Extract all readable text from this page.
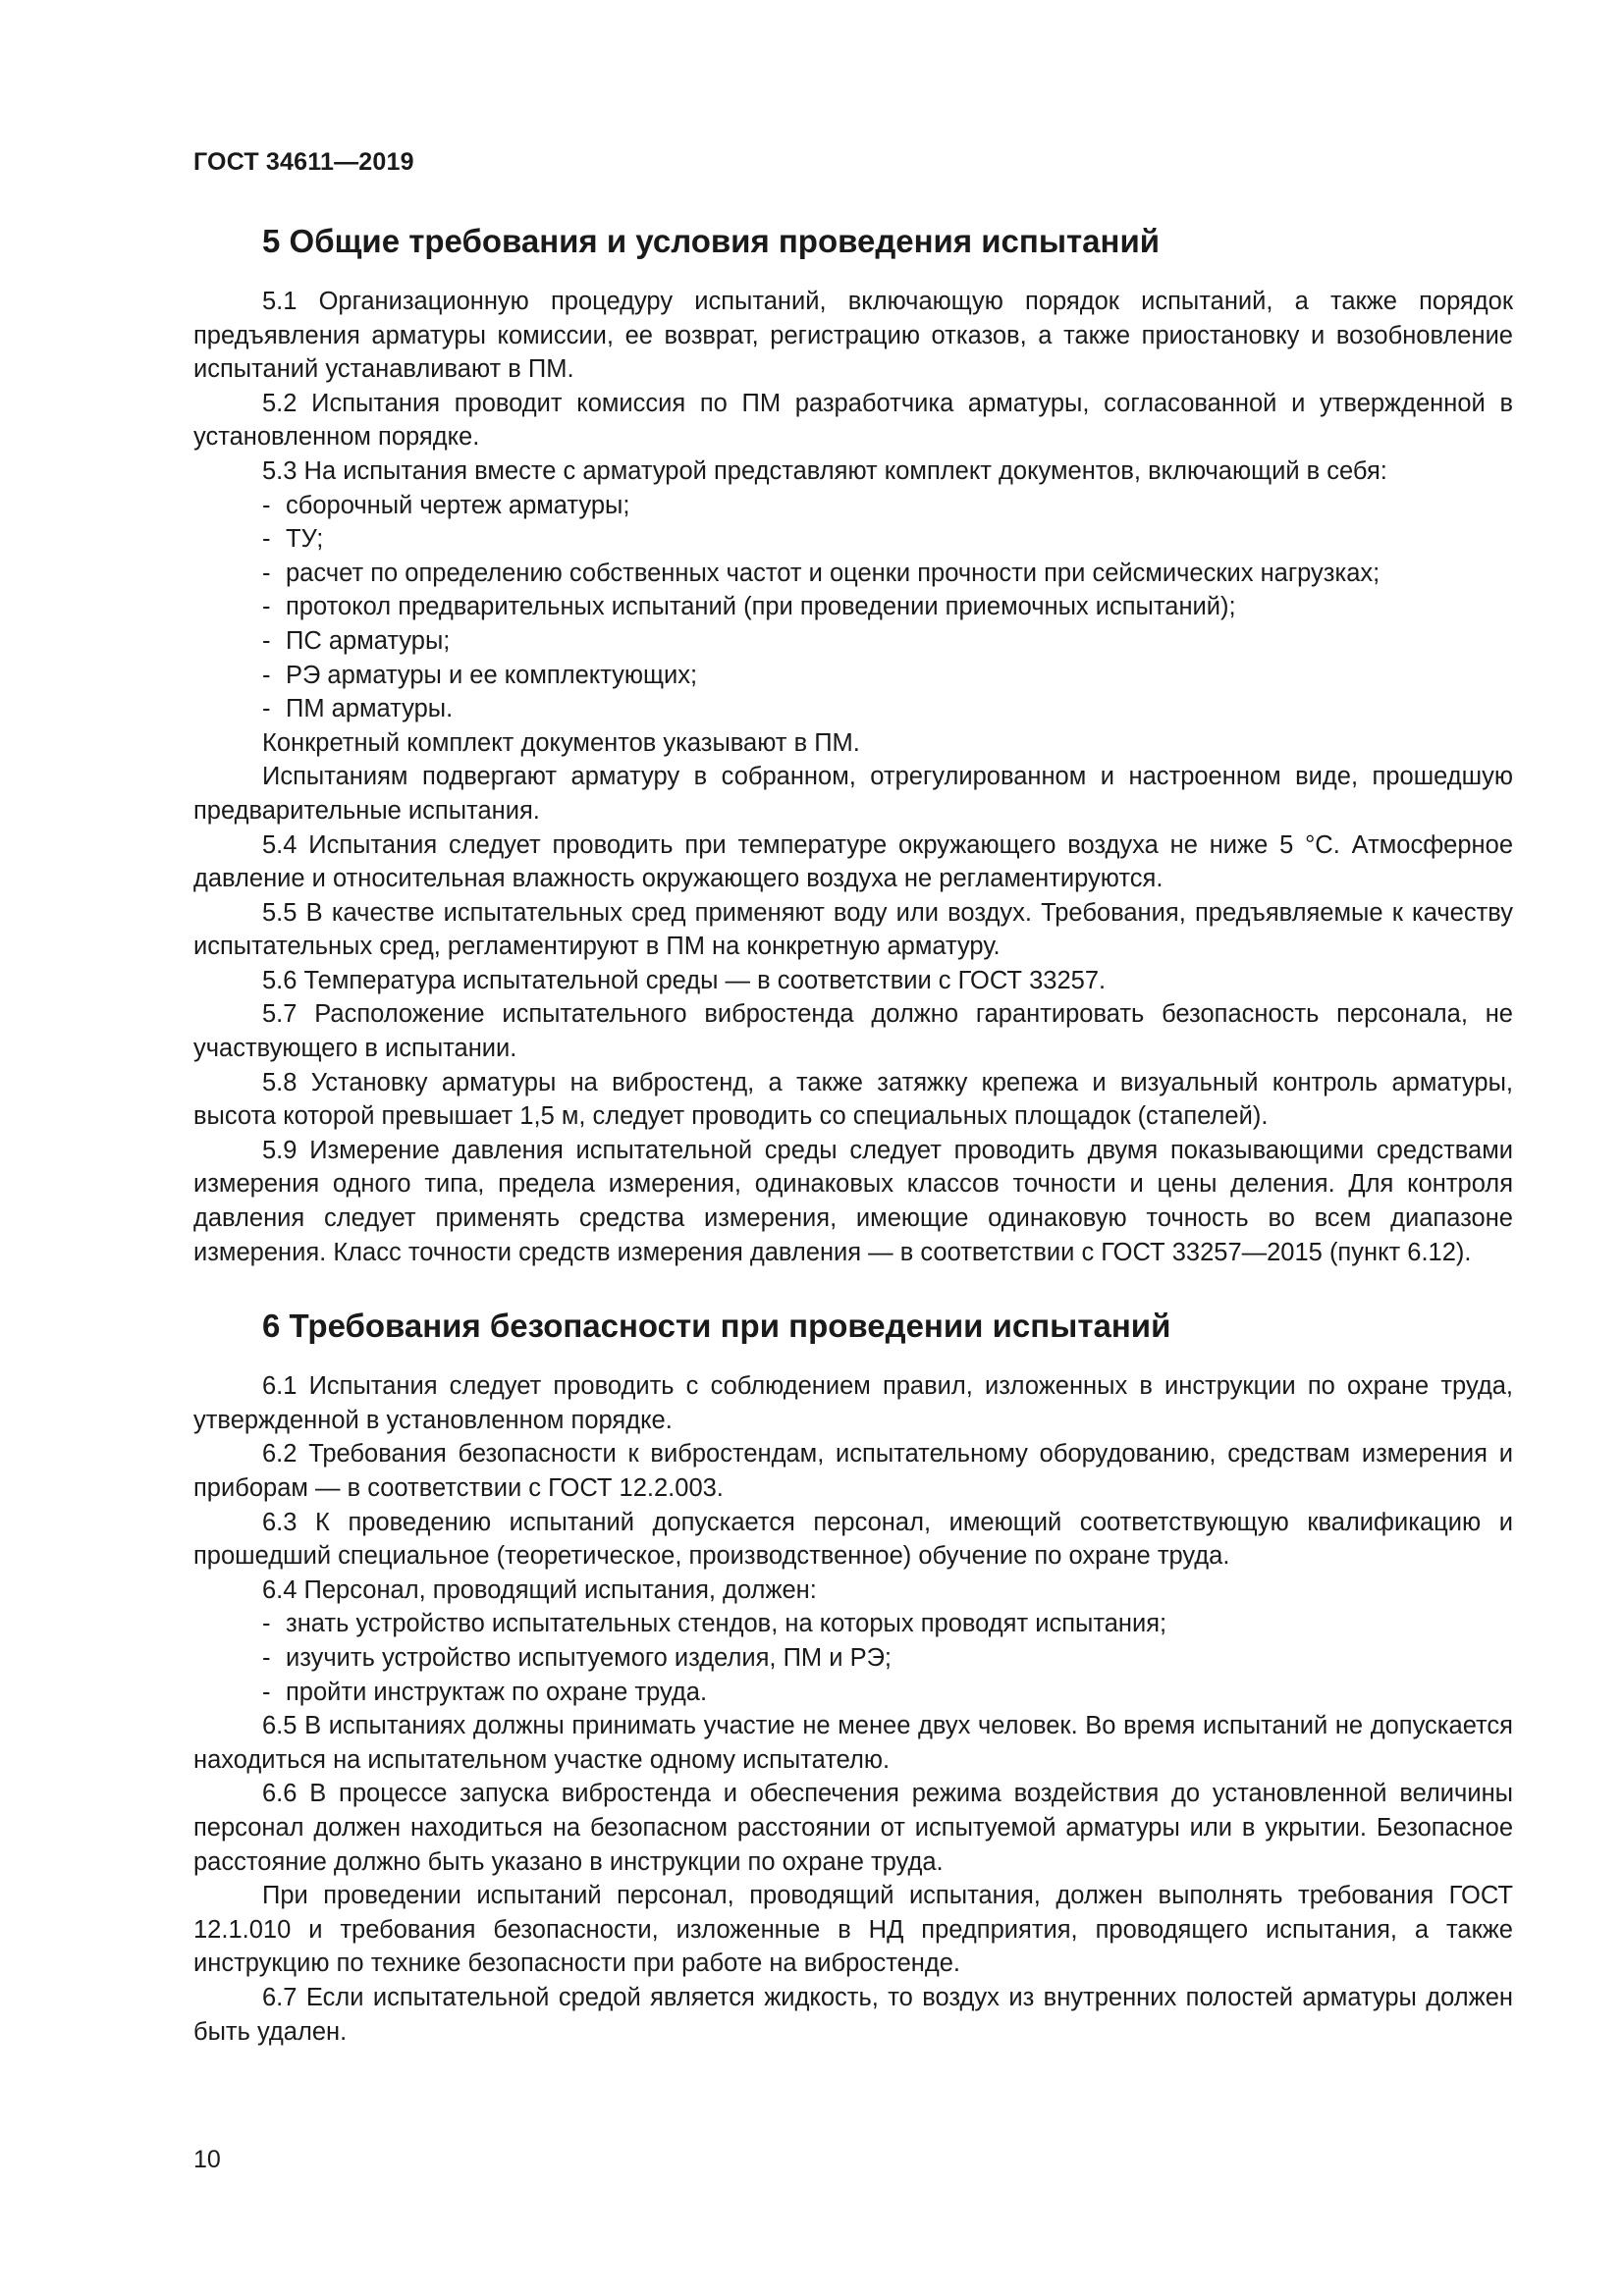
ГОСТ 34611—2019
5 Общие требования и условия проведения испытаний

5.1 Организационную процедуру испытаний, включающую порядок испытаний, а также порядок предъявления арматуры комиссии, ее возврат, регистрацию отказов, а также приостановку и возобновление испытаний устанавливают в ПМ.

5.2 Испытания проводит комиссия по ПМ разработчика арматуры, согласованной и утвержденной в установленном порядке.

5.3 На испытания вместе с арматурой представляют комплект документов, включающий в себя:

- сборочный чертеж арматуры;
- ТУ;
- расчет по определению собственных частот и оценки прочности при сейсмических нагрузках;
- протокол предварительных испытаний (при проведении приемочных испытаний);
- ПС арматуры;
- РЭ арматуры и ее комплектующих;
- ПМ арматуры.

Конкретный комплект документов указывают в ПМ.

Испытаниям подвергают арматуру в собранном, отрегулированном и настроенном виде, прошедшую предварительные испытания.

5.4 Испытания следует проводить при температуре окружающего воздуха не ниже 5 °С. Атмосферное давление и относительная влажность окружающего воздуха не регламентируются.

5.5 В качестве испытательных сред применяют воду или воздух. Требования, предъявляемые к качеству испытательных сред, регламентируют в ПМ на конкретную арматуру.

5.6 Температура испытательной среды — в соответствии с ГОСТ 33257.

5.7 Расположение испытательного вибростенда должно гарантировать безопасность персонала, не участвующего в испытании.

5.8 Установку арматуры на вибростенд, а также затяжку крепежа и визуальный контроль арматуры, высота которой превышает 1,5 м, следует проводить со специальных площадок (стапелей).

5.9 Измерение давления испытательной среды следует проводить двумя показывающими средствами измерения одного типа, предела измерения, одинаковых классов точности и цены деления. Для контроля давления следует применять средства измерения, имеющие одинаковую точность во всем диапазоне измерения. Класс точности средств измерения давления — в соответствии с ГОСТ 33257—2015 (пункт 6.12).

6 Требования безопасности при проведении испытаний

6.1 Испытания следует проводить с соблюдением правил, изложенных в инструкции по охране труда, утвержденной в установленном порядке.

6.2 Требования безопасности к вибростендам, испытательному оборудованию, средствам измерения и приборам — в соответствии с ГОСТ 12.2.003.

6.3 К проведению испытаний допускается персонал, имеющий соответствующую квалификацию и прошедший специальное (теоретическое, производственное) обучение по охране труда.

6.4 Персонал, проводящий испытания, должен:

- знать устройство испытательных стендов, на которых проводят испытания;
- изучить устройство испытуемого изделия, ПМ и РЭ;
- пройти инструктаж по охране труда.

6.5 В испытаниях должны принимать участие не менее двух человек. Во время испытаний не допускается находиться на испытательном участке одному испытателю.

6.6 В процессе запуска вибростенда и обеспечения режима воздействия до установленной величины персонал должен находиться на безопасном расстоянии от испытуемой арматуры или в укрытии. Безопасное расстояние должно быть указано в инструкции по охране труда.

При проведении испытаний персонал, проводящий испытания, должен выполнять требования ГОСТ 12.1.010 и требования безопасности, изложенные в НД предприятия, проводящего испытания, а также инструкцию по технике безопасности при работе на вибростенде.

6.7 Если испытательной средой является жидкость, то воздух из внутренних полостей арматуры должен быть удален.

10
